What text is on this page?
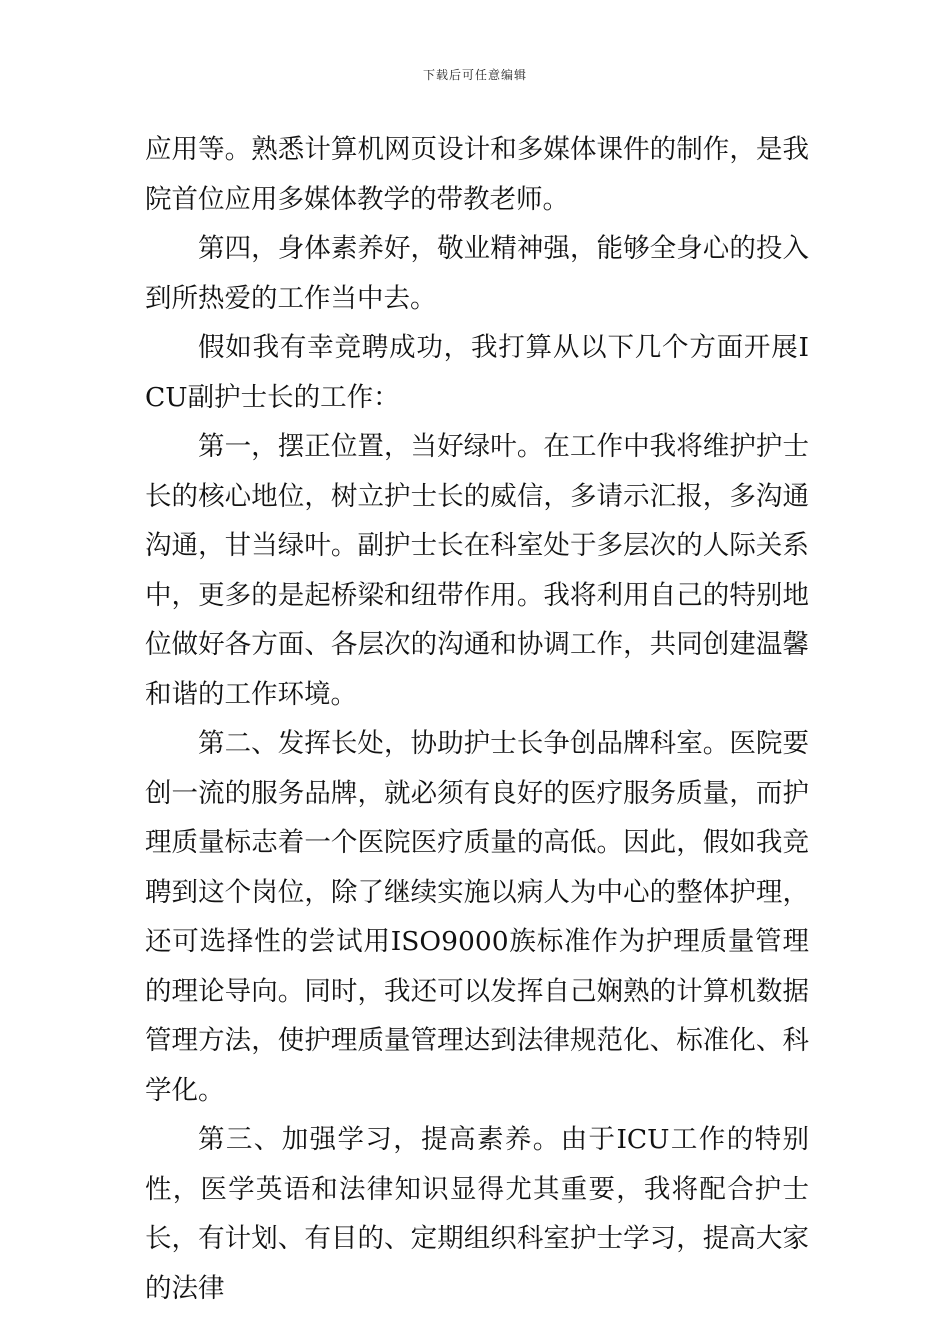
下载后可任意编辑

应用等。熟悉计算机网页设计和多媒体课件的制作，是我院首位应用多媒体教学的带教老师。

第四，身体素养好，敬业精神强，能够全身心的投入到所热爱的工作当中去。

假如我有幸竞聘成功，我打算从以下几个方面开展ICU副护士长的工作：

第一，摆正位置，当好绿叶。在工作中我将维护护士长的核心地位，树立护士长的威信，多请示汇报，多沟通沟通，甘当绿叶。副护士长在科室处于多层次的人际关系中，更多的是起桥梁和纽带作用。我将利用自己的特别地位做好各方面、各层次的沟通和协调工作，共同创建温馨和谐的工作环境。

第二、发挥长处，协助护士长争创品牌科室。医院要创一流的服务品牌，就必须有良好的医疗服务质量，而护理质量标志着一个医院医疗质量的高低。因此，假如我竞聘到这个岗位，除了继续实施以病人为中心的整体护理，还可选择性的尝试用ISO9000族标准作为护理质量管理的理论导向。同时，我还可以发挥自己娴熟的计算机数据管理方法，使护理质量管理达到法律规范化、标准化、科学化。

第三、加强学习，提高素养。由于ICU工作的特别性，医学英语和法律知识显得尤其重要，我将配合护士长，有计划、有目的、定期组织科室护士学习，提高大家的法律
